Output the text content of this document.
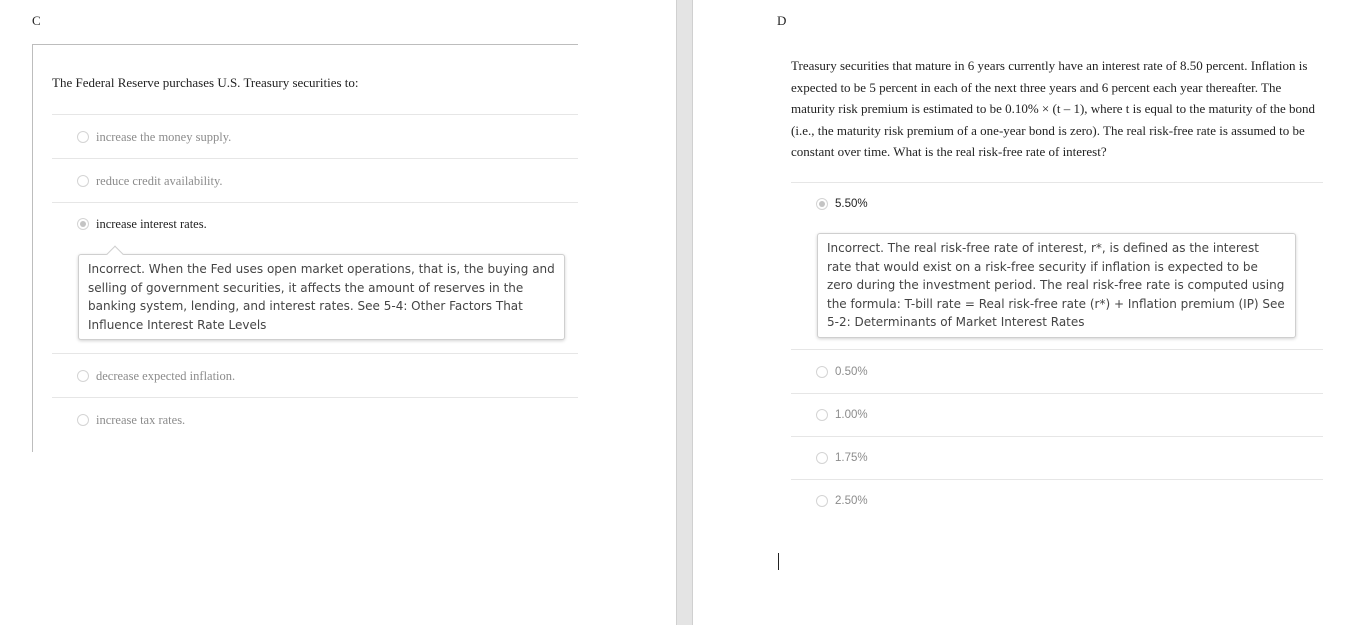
C
The Federal Reserve purchases U.S. Treasury securities to:
increase the money supply.
reduce credit availability.
increase interest rates.
Incorrect. When the Fed uses open market operations, that is, the buying and selling of government securities, it affects the amount of reserves in the banking system, lending, and interest rates. See 5-4: Other Factors That Influence Interest Rate Levels
decrease expected inflation.
increase tax rates.
D
Treasury securities that mature in 6 years currently have an interest rate of 8.50 percent. Inflation is expected to be 5 percent in each of the next three years and 6 percent each year thereafter. The maturity risk premium is estimated to be 0.10% × (t – 1), where t is equal to the maturity of the bond (i.e., the maturity risk premium of a one-year bond is zero). The real risk-free rate is assumed to be constant over time. What is the real risk-free rate of interest?
5.50%
Incorrect. The real risk-free rate of interest, r*, is defined as the interest rate that would exist on a risk-free security if inflation is expected to be zero during the investment period. The real risk-free rate is computed using the formula: T-bill rate = Real risk-free rate (r*) + Inflation premium (IP) See 5-2: Determinants of Market Interest Rates
0.50%
1.00%
1.75%
2.50%
